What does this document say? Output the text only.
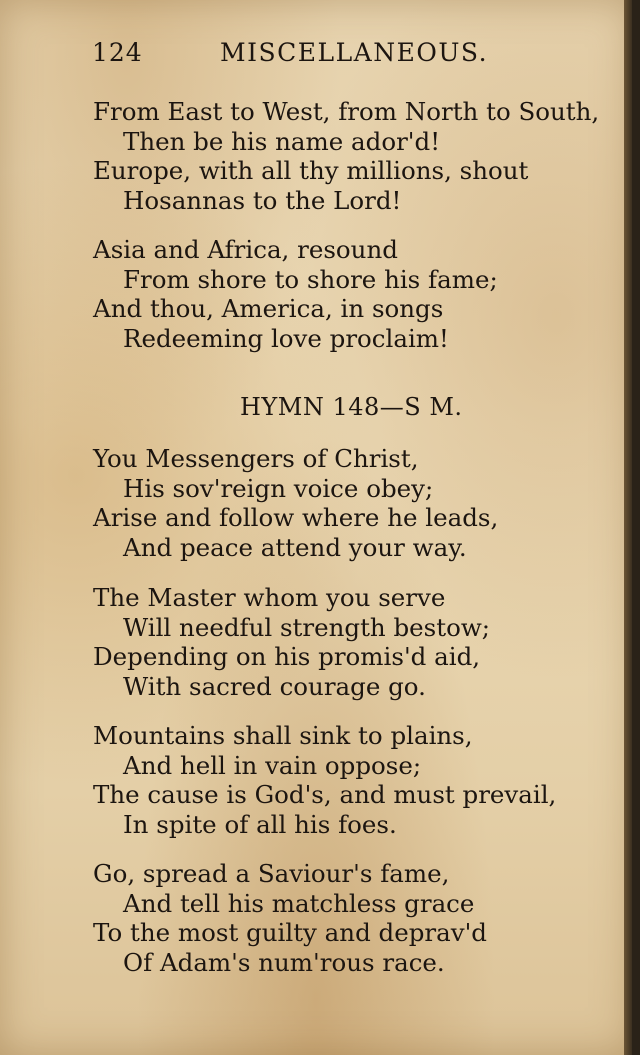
124	MISCELLANEOUS.
From East to West, from North to South,
Then be his name ador'd!
Europe, with all thy millions, shout
Hosannas to the Lord!
Asia and Africa, resound
From shore to shore his fame;
And thou, America, in songs
Redeeming love proclaim!
HYMN 148—S M.
You Messengers of Christ,
His sov'reign voice obey;
Arise and follow where he leads,
And peace attend your way.
The Master whom you serve
Will needful strength bestow;
Depending on his promis'd aid,
With sacred courage go.
Mountains shall sink to plains,
And hell in vain oppose;
The cause is God's, and must prevail,
In spite of all his foes.
Go, spread a Saviour's fame,
And tell his matchless grace
To the most guilty and deprav'd
Of Adam's num'rous race.
